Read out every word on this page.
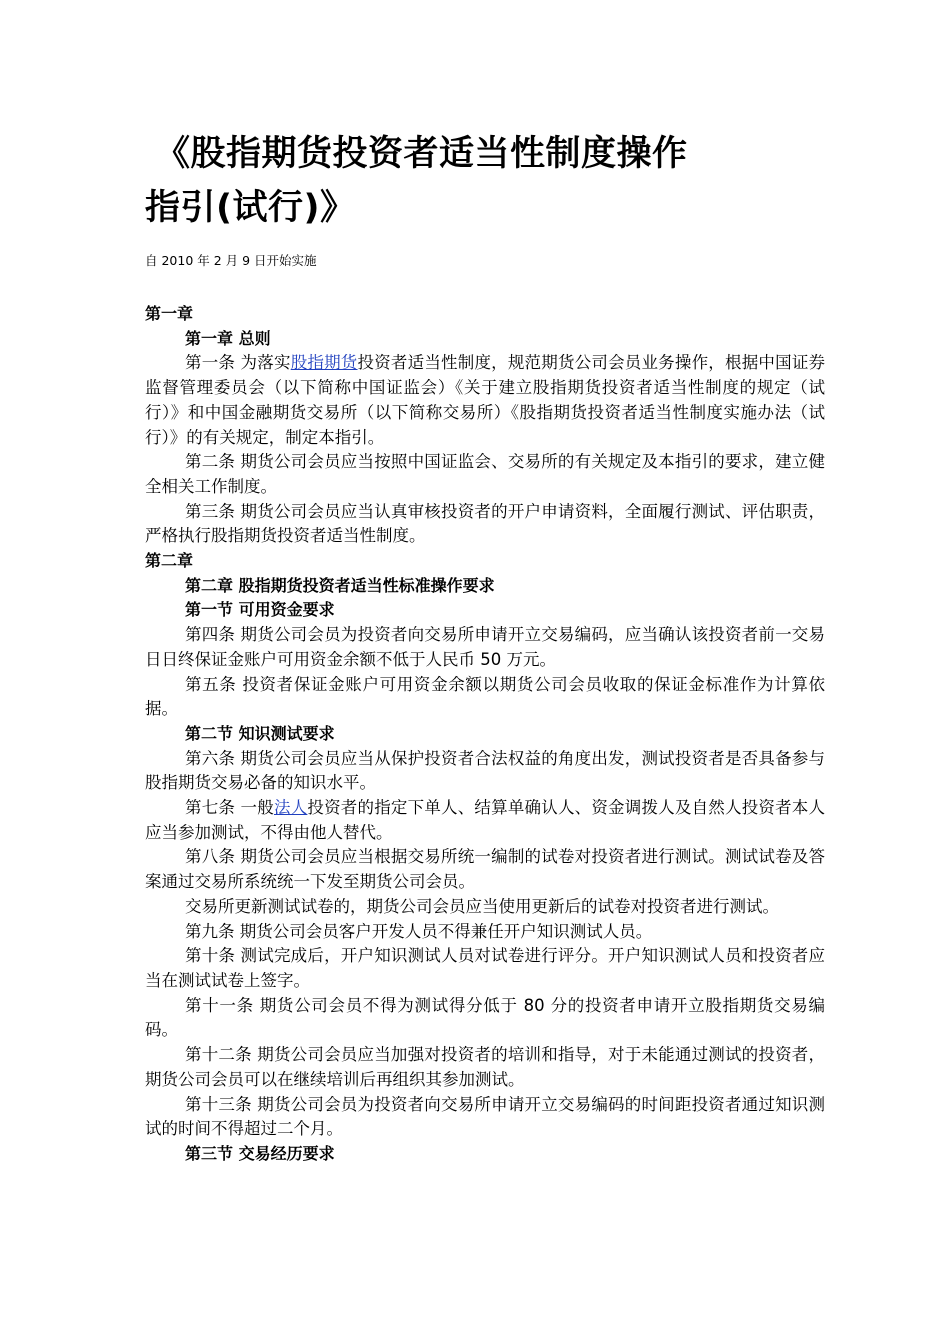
《股指期货投资者适当性制度操作
指引(试行)》
自 2010 年 2 月 9 日开始实施

第一章

第一章 总则

第一条 为落实股指期货投资者适当性制度，规范期货公司会员业务操作，根据中国证券监督管理委员会（以下简称中国证监会）《关于建立股指期货投资者适当性制度的规定（试行）》和中国金融期货交易所（以下简称交易所）《股指期货投资者适当性制度实施办法（试行）》的有关规定，制定本指引。

第二条 期货公司会员应当按照中国证监会、交易所的有关规定及本指引的要求，建立健全相关工作制度。

第三条 期货公司会员应当认真审核投资者的开户申请资料，全面履行测试、评估职责，严格执行股指期货投资者适当性制度。

第二章

第二章 股指期货投资者适当性标准操作要求

第一节 可用资金要求

第四条 期货公司会员为投资者向交易所申请开立交易编码，应当确认该投资者前一交易日日终保证金账户可用资金余额不低于人民币 50 万元。

第五条 投资者保证金账户可用资金余额以期货公司会员收取的保证金标准作为计算依据。

第二节 知识测试要求

第六条 期货公司会员应当从保护投资者合法权益的角度出发，测试投资者是否具备参与股指期货交易必备的知识水平。

第七条 一般法人投资者的指定下单人、结算单确认人、资金调拨人及自然人投资者本人应当参加测试，不得由他人替代。

第八条 期货公司会员应当根据交易所统一编制的试卷对投资者进行测试。测试试卷及答案通过交易所系统统一下发至期货公司会员。

交易所更新测试试卷的，期货公司会员应当使用更新后的试卷对投资者进行测试。

第九条 期货公司会员客户开发人员不得兼任开户知识测试人员。

第十条 测试完成后，开户知识测试人员对试卷进行评分。开户知识测试人员和投资者应当在测试试卷上签字。

第十一条 期货公司会员不得为测试得分低于 80 分的投资者申请开立股指期货交易编码。

第十二条 期货公司会员应当加强对投资者的培训和指导，对于未能通过测试的投资者，期货公司会员可以在继续培训后再组织其参加测试。

第十三条 期货公司会员为投资者向交易所申请开立交易编码的时间距投资者通过知识测试的时间不得超过二个月。

第三节 交易经历要求
